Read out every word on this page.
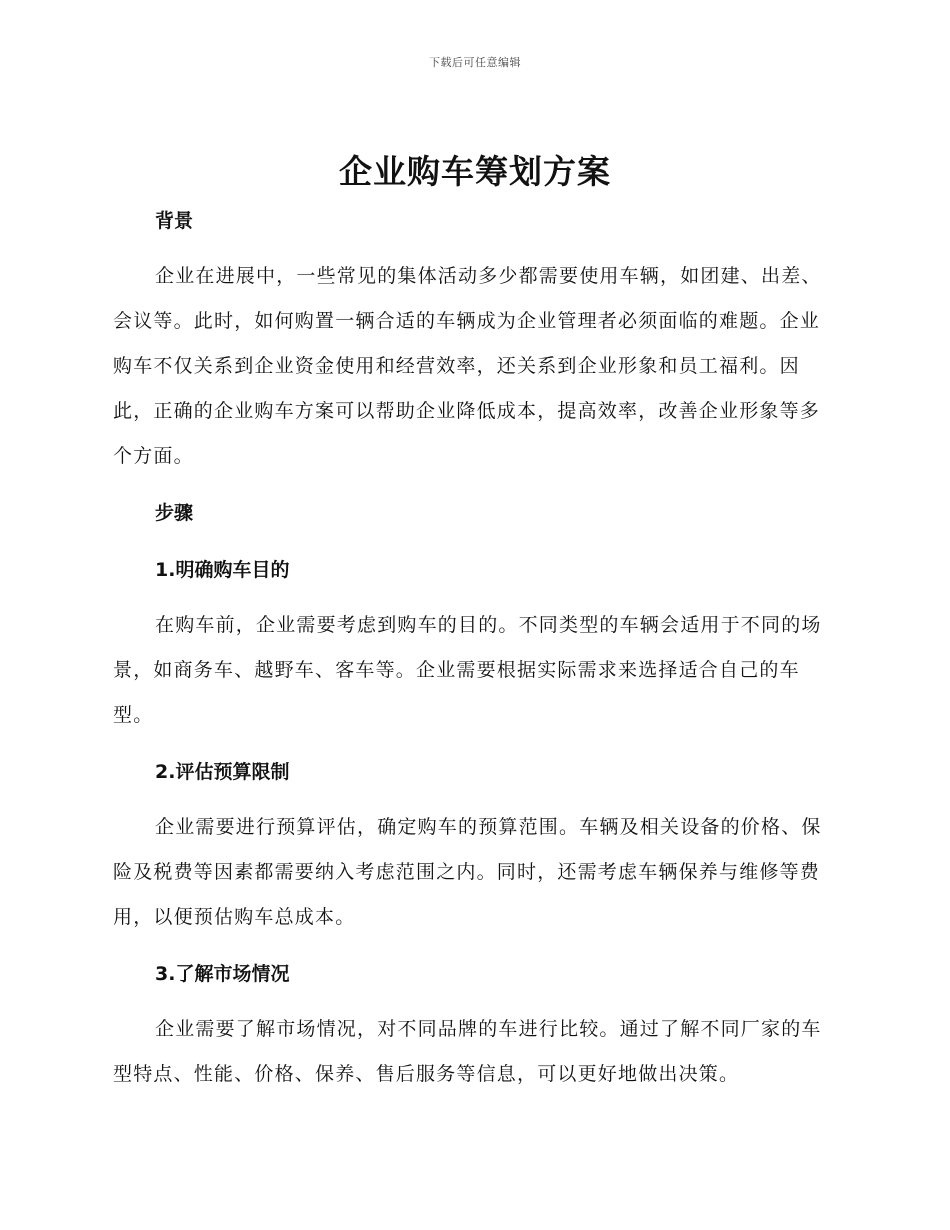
下载后可任意编辑
企业购车筹划方案

背景

企业在进展中，一些常见的集体活动多少都需要使用车辆，如团建、出差、会议等。此时，如何购置一辆合适的车辆成为企业管理者必须面临的难题。企业购车不仅关系到企业资金使用和经营效率，还关系到企业形象和员工福利。因此，正确的企业购车方案可以帮助企业降低成本，提高效率，改善企业形象等多个方面。

步骤

1.明确购车目的

在购车前，企业需要考虑到购车的目的。不同类型的车辆会适用于不同的场景，如商务车、越野车、客车等。企业需要根据实际需求来选择适合自己的车型。

2.评估预算限制

企业需要进行预算评估，确定购车的预算范围。车辆及相关设备的价格、保险及税费等因素都需要纳入考虑范围之内。同时，还需考虑车辆保养与维修等费用，以便预估购车总成本。

3.了解市场情况

企业需要了解市场情况，对不同品牌的车进行比较。通过了解不同厂家的车型特点、性能、价格、保养、售后服务等信息，可以更好地做出决策。
